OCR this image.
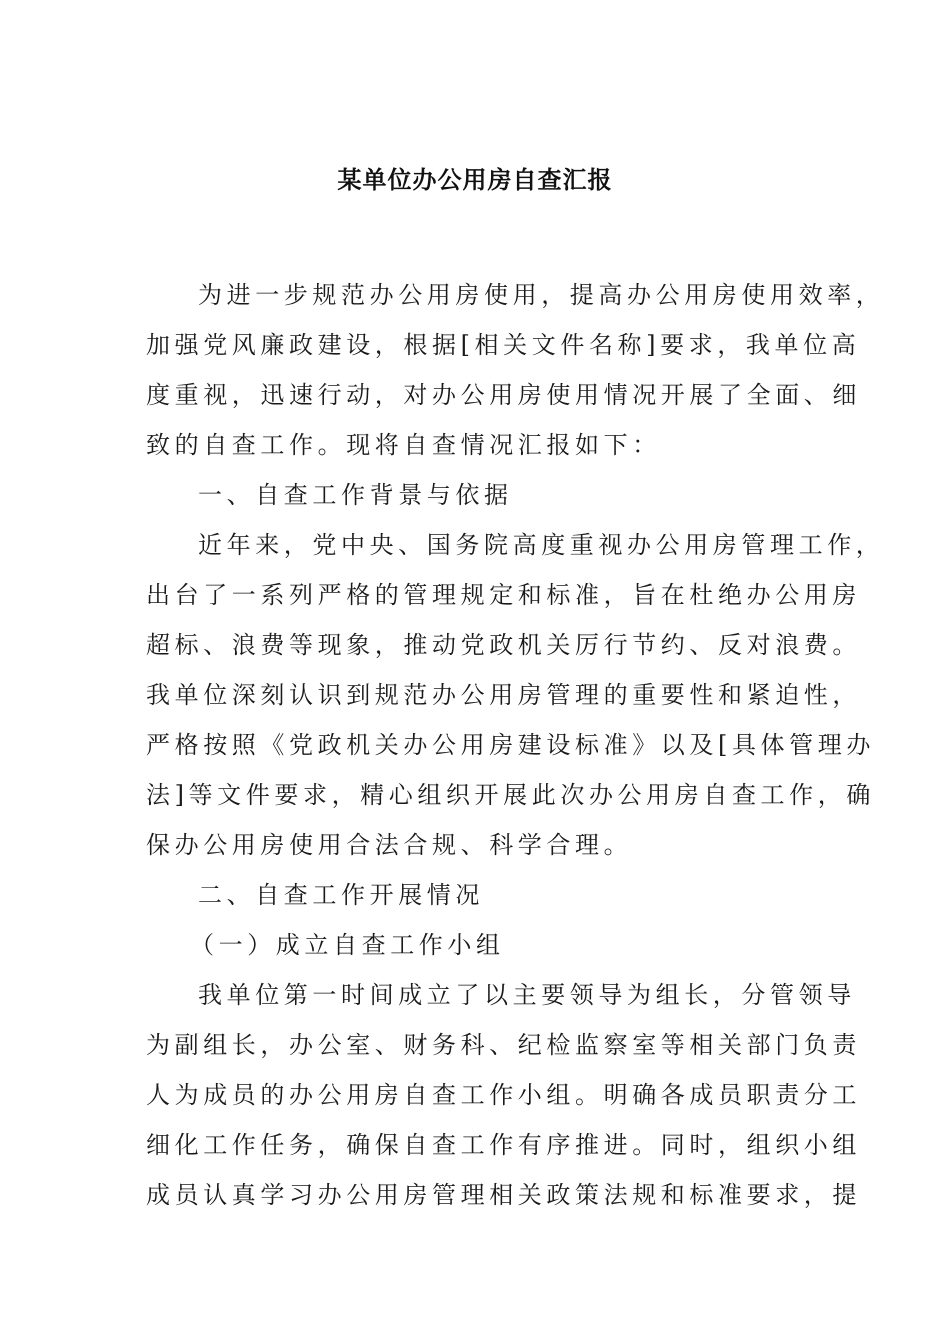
某单位办公用房自查汇报

为进一步规范办公用房使用，提高办公用房使用效率，

加强党风廉政建设，根据[相关文件名称]要求，我单位高

度重视，迅速行动，对办公用房使用情况开展了全面、细

致的自查工作。现将自查情况汇报如下：

一、自查工作背景与依据

近年来，党中央、国务院高度重视办公用房管理工作，

出台了一系列严格的管理规定和标准，旨在杜绝办公用房

超标、浪费等现象，推动党政机关厉行节约、反对浪费。

我单位深刻认识到规范办公用房管理的重要性和紧迫性，

严格按照《党政机关办公用房建设标准》以及[具体管理办

法]等文件要求，精心组织开展此次办公用房自查工作，确

保办公用房使用合法合规、科学合理。

二、自查工作开展情况

（一）成立自查工作小组

我单位第一时间成立了以主要领导为组长，分管领导

为副组长，办公室、财务科、纪检监察室等相关部门负责

人为成员的办公用房自查工作小组。明确各成员职责分工

细化工作任务，确保自查工作有序推进。同时，组织小组

成员认真学习办公用房管理相关政策法规和标准要求，提
